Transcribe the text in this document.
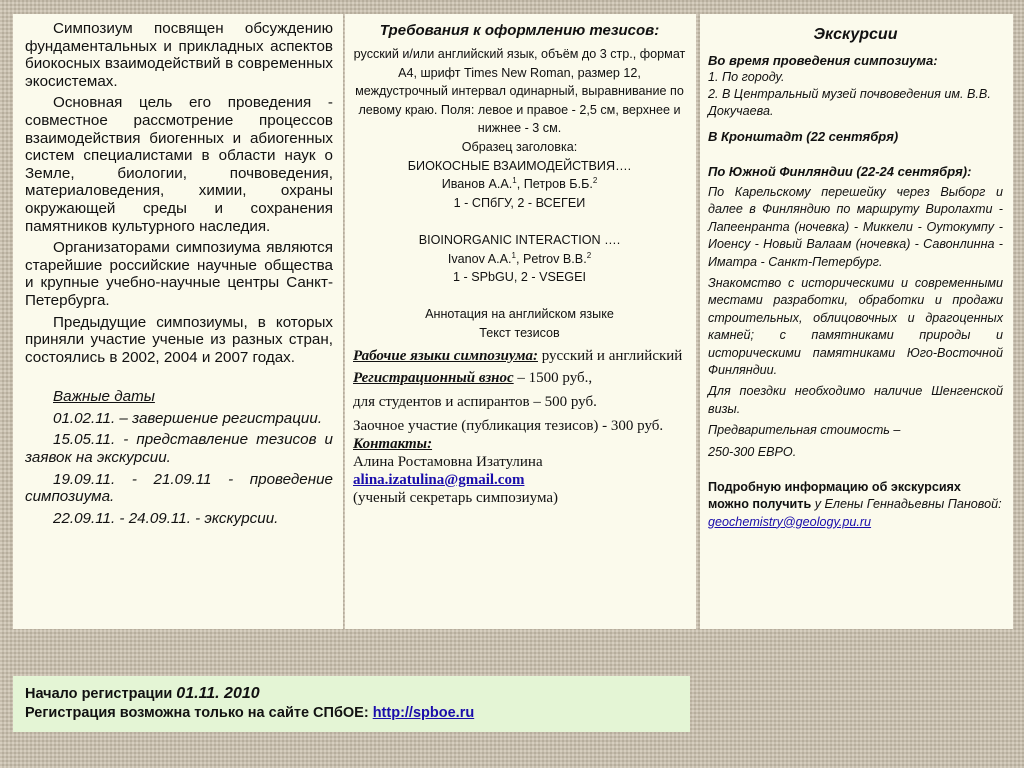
Симпозиум посвящен обсуждению фундаментальных и прикладных аспектов биокосных взаимодействий в современных экосистемах.

Основная цель его проведения - совместное рассмотрение процессов взаимодействия биогенных и абиогенных систем специалистами в области наук о Земле, биологии, почвоведения, материаловедения, химии, охраны окружающей среды и сохранения памятников культурного наследия.

Организаторами симпозиума являются старейшие российские научные общества и крупные учебно-научные центры Санкт-Петербурга.

Предыдущие симпозиумы, в которых приняли участие ученые из разных стран, состоялись в 2002, 2004 и 2007 годах.

Важные даты
01.02.11. – завершение регистрации.
15.05.11. - представление тезисов и заявок на экскурсии.
19.09.11. - 21.09.11 - проведение симпозиума.
22.09.11. - 24.09.11. - экскурсии.
Требования к оформлению тезисов:
русский и/или английский язык, объём до 3 стр., формат А4, шрифт Times New Roman, размер 12, междустрочный интервал одинарный, выравнивание по левому краю. Поля: левое и правое - 2,5 см, верхнее и нижнее - 3 см.
Образец заголовка:
БИОКОСНЫЕ ВЗАИМОДЕЙСТВИЯ….
Иванов А.А.$^1$, Петров Б.Б.$^2$
1 - СПбГУ, 2 - ВСЕГЕИ
BIOINORGANIC INTERACTION ….
Ivanov A.A.$^1$, Petrov B.B.$^2$
1 - SPbGU, 2 - VSEGEI
Аннотация на английском языке
Текст тезисов
Рабочие языки симпозиума: русский и английский
Регистрационный взнос – 1500 руб.,
для студентов и аспирантов – 500 руб.
Заочное участие (публикация тезисов) - 300 руб.
Контакты:
Алина Ростамовна Изатулина
alina.izatulina@gmail.com
(ученый секретарь симпозиума)
Экскурсии
Во время проведения симпозиума:
1. По городу.
2. В Центральный музей почвоведения им. В.В. Докучаева.
В Кронштадт (22 сентября)
По Южной Финляндии (22-24 сентября):
По Карельскому перешейку через Выборг и далее в Финляндию по маршруту Виролахти - Лапеенранта (ночевка) - Миккели - Оутокумпу - Иоенсу - Новый Валаам (ночевка) - Савонлинна - Иматра - Санкт-Петербург.
Знакомство с историческими и современными местами разработки, обработки и продажи строительных, облицовочных и драгоценных камней; с памятниками природы и историческими памятниками Юго-Восточной Финляндии.
Для поездки необходимо наличие Шенгенской визы.
Предварительная стоимость –
250-300 ЕВРО.
Подробную информацию об экскурсиях можно получить у Елены Геннадьевны Пановой: geochemistry@geology.pu.ru
Начало регистрации 01.11. 2010
Регистрация возможна только на сайте СПбОЕ: http://spboe.ru
